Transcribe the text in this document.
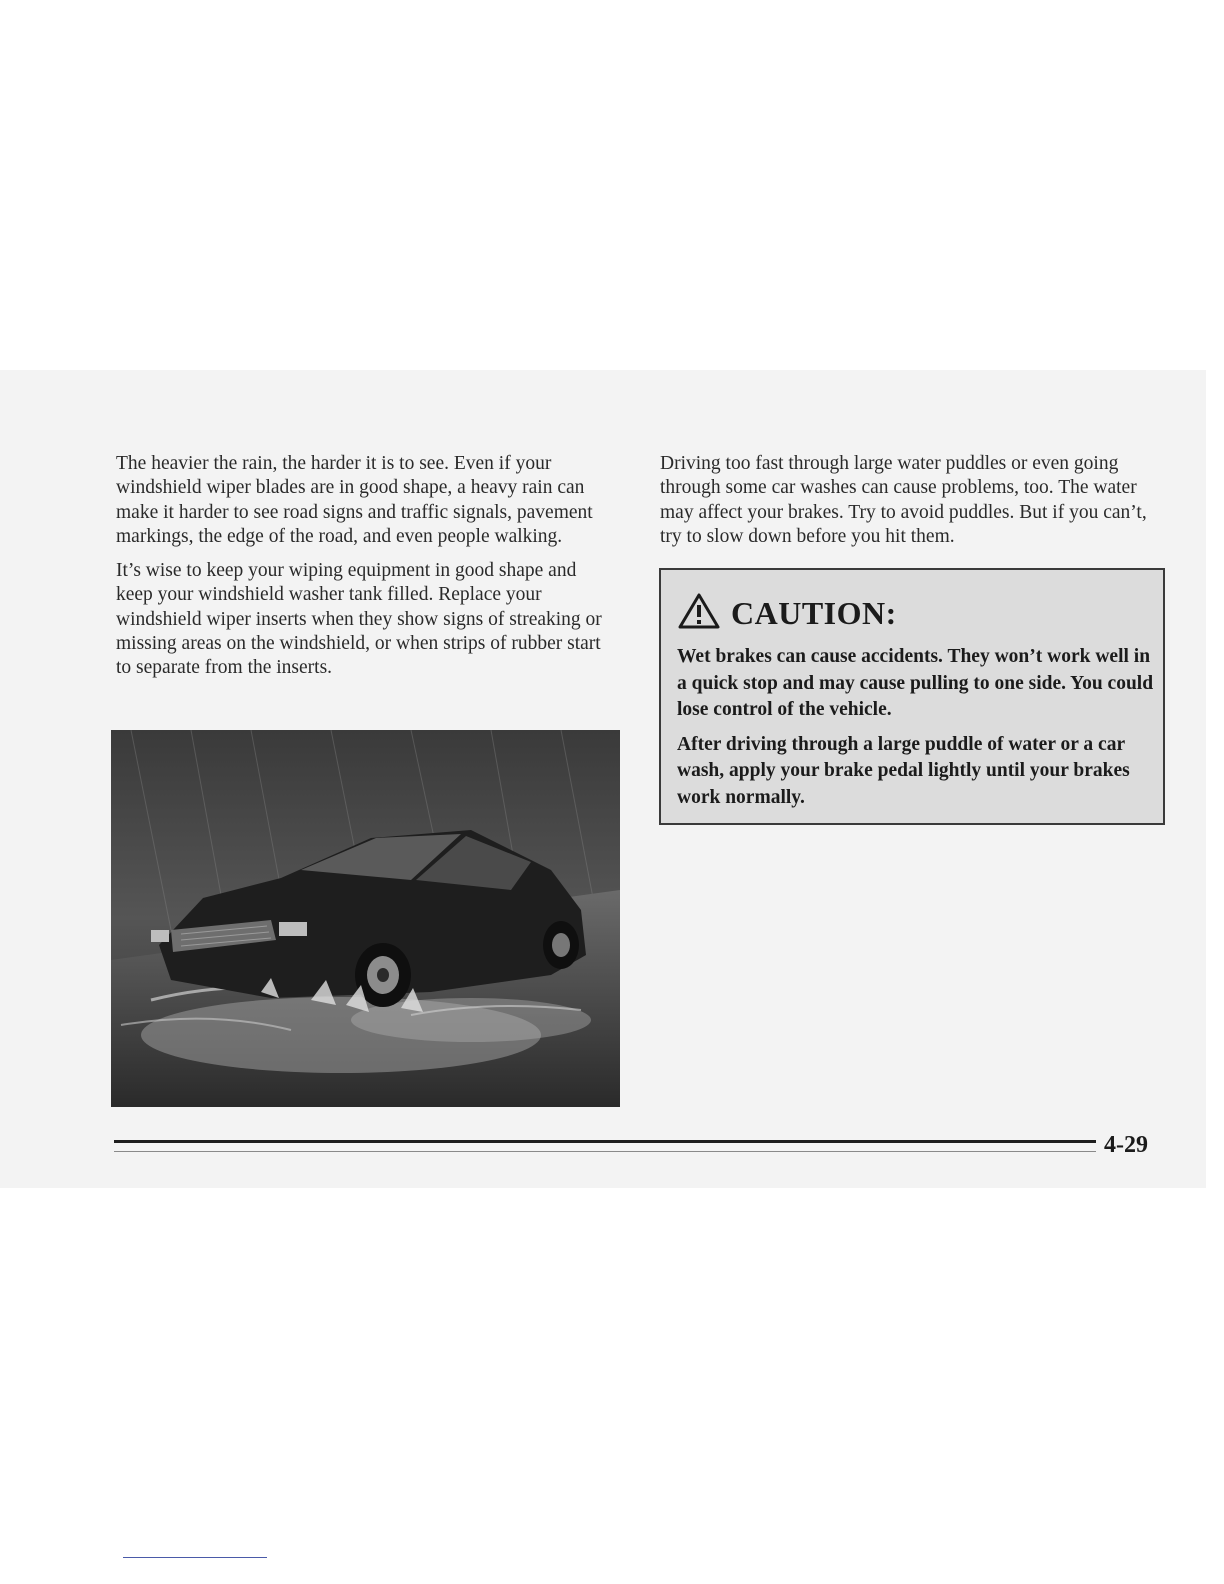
The heavier the rain, the harder it is to see. Even if your windshield wiper blades are in good shape, a heavy rain can make it harder to see road signs and traffic signals, pavement markings, the edge of the road, and even people walking.

It’s wise to keep your wiping equipment in good shape and keep your windshield washer tank filled. Replace your windshield wiper inserts when they show signs of streaking or missing areas on the windshield, or when strips of rubber start to separate from the inserts.

Driving too fast through large water puddles or even going through some car washes can cause problems, too. The water may affect your brakes. Try to avoid puddles. But if you can’t, try to slow down before you hit them.

CAUTION:

Wet brakes can cause accidents. They won’t work well in a quick stop and may cause pulling to one side. You could lose control of the vehicle.

After driving through a large puddle of water or a car wash, apply your brake pedal lightly until your brakes work normally.

4-29
